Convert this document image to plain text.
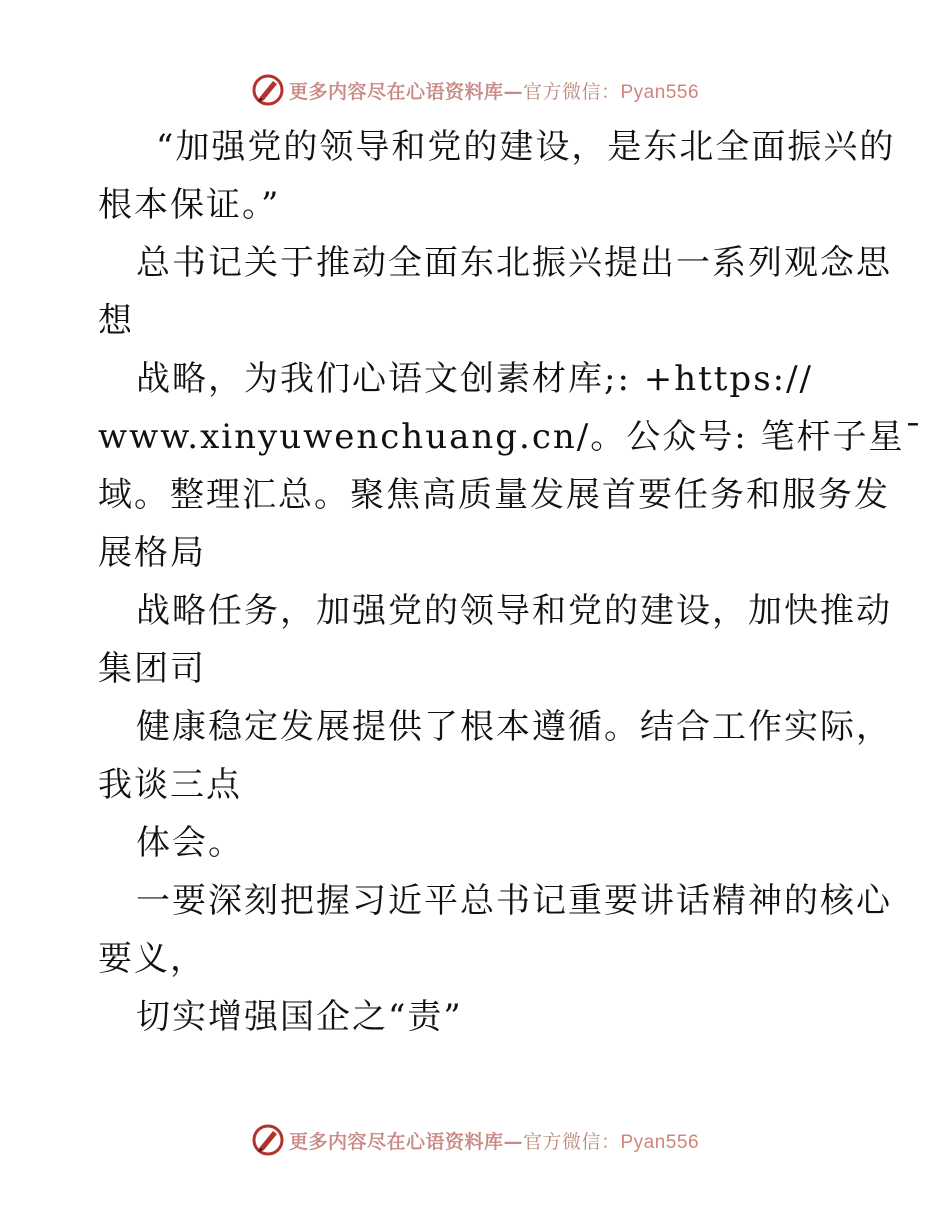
更多内容尽在心语资料库—官方微信：Pyan556
“加强党的领导和党的建设，是东北全面振兴的
根本保证。”
总书记关于推动全面东北振兴提出一系列观念思
想
战略，为我们心语文创素材库;: +https://
www.xinyuwenchuang.cn/。公众号: 笔杆子星¯
域。整理汇总。聚焦高质量发展首要任务和服务发
展格局
战略任务，加强党的领导和党的建设，加快推动
集团司
健康稳定发展提供了根本遵循。结合工作实际，
我谈三点
体会。
一要深刻把握习近平总书记重要讲话精神的核心
要义，
切实增强国企之“责”
更多内容尽在心语资料库—官方微信：Pyan556
